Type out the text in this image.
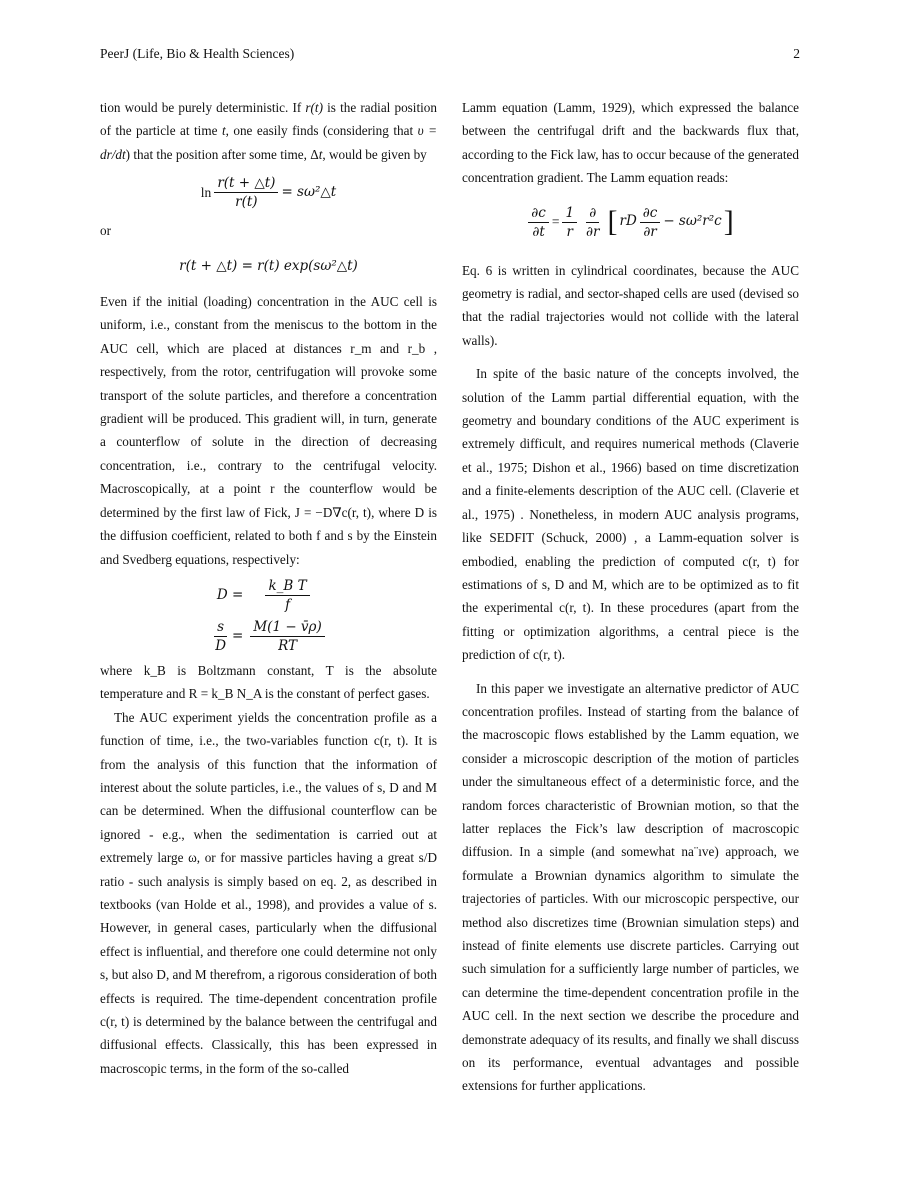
PeerJ (Life, Bio & Health Sciences)	2

tion would be purely deterministic. If r(t) is the radial position of the particle at time t, one easily finds (considering that υ = dr/dt) that the position after some time, Δt, would be given by

$\ln \frac{r(t + \triangle t)}{r(t)}$ = sω²△t

or

r(t + △t) = r(t) exp(sω²△t)

Even if the initial (loading) concentration in the AUC cell is uniform, i.e., constant from the meniscus to the bottom in the AUC cell, which are placed at distances r_m and r_b , respectively, from the rotor, centrifugation will provoke some transport of the solute particles, and therefore a concentration gradient will be produced. This gradient will, in turn, generate a counterflow of solute in the direction of decreasing concentration, i.e., contrary to the centrifugal velocity. Macroscopically, at a point r the counterflow would be determined by the first law of Fick, J = −D∇c(r, t), where D is the diffusion coefficient, related to both f and s by the Einstein and Svedberg equations, respectively:

$D = \frac{\text{k\_B T}}{f}$
$\frac{s}{D} = \frac{M(1 - v̄\rho)}{RT}$

where k_B is Boltzmann constant, T is the absolute temperature and R = k_B N_A is the constant of perfect gases.

The AUC experiment yields the concentration profile as a function of time, i.e., the two-variables function c(r, t). It is from the analysis of this function that the information of interest about the solute particles, i.e., the values of s, D and M can be determined. When the diffusional counterflow can be ignored - e.g., when the sedimentation is carried out at extremely large ω, or for massive particles having a great s/D ratio - such analysis is simply based on eq. 2, as described in textbooks (van Holde et al., 1998), and provides a value of s. However, in general cases, particularly when the diffusional effect is influential, and therefore one could determine not only s, but also D, and M therefrom, a rigorous consideration of both effects is required. The time-dependent concentration profile c(r, t) is determined by the balance between the centrifugal and diffusional effects. Classically, this has been expressed in macroscopic terms, in the form of the so-called

Lamm equation (Lamm, 1929), which expressed the balance between the centrifugal drift and the backwards flux that, according to the Fick law, has to occur because of the generated concentration gradient. The Lamm equation reads:

$\frac{\partial c}{\partial t} = \frac{1}{r} \frac{\partial}{\partial r}$ [ rD $\frac{\partial c}{\partial r} - s\omega^2r^2c$ ]

Eq. 6 is written in cylindrical coordinates, because the AUC geometry is radial, and sector-shaped cells are used (devised so that the radial trajectories would not collide with the lateral walls).

In spite of the basic nature of the concepts involved, the solution of the Lamm partial differential equation, with the geometry and boundary conditions of the AUC experiment is extremely difficult, and requires numerical methods (Claverie et al., 1975; Dishon et al., 1966) based on time discretization and a finite-elements description of the AUC cell. (Claverie et al., 1975) . Nonetheless, in modern AUC analysis programs, like SEDFIT (Schuck, 2000) , a Lamm-equation solver is embodied, enabling the prediction of computed c(r, t) for estimations of s, D and M, which are to be optimized as to fit the experimental c(r, t). In these procedures (apart from the fitting or optimization algorithms, a central piece is the prediction of c(r, t).

In this paper we investigate an alternative predictor of AUC concentration profiles. Instead of starting from the balance of the macroscopic flows established by the Lamm equation, we consider a microscopic description of the motion of particles under the simultaneous effect of a deterministic force, and the random forces characteristic of Brownian motion, so that the latter replaces the Fick’s law description of macroscopic diffusion. In a simple (and somewhat na¨ıve) approach, we formulate a Brownian dynamics algorithm to simulate the trajectories of particles. With our microscopic perspective, our method also discretizes time (Brownian simulation steps) and instead of finite elements use discrete particles. Carrying out such simulation for a sufficiently large number of particles, we can determine the time-dependent concentration profile in the AUC cell. In the next section we describe the procedure and demonstrate adequacy of its results, and finally we shall discuss on its performance, eventual advantages and possible extensions for further applications.
